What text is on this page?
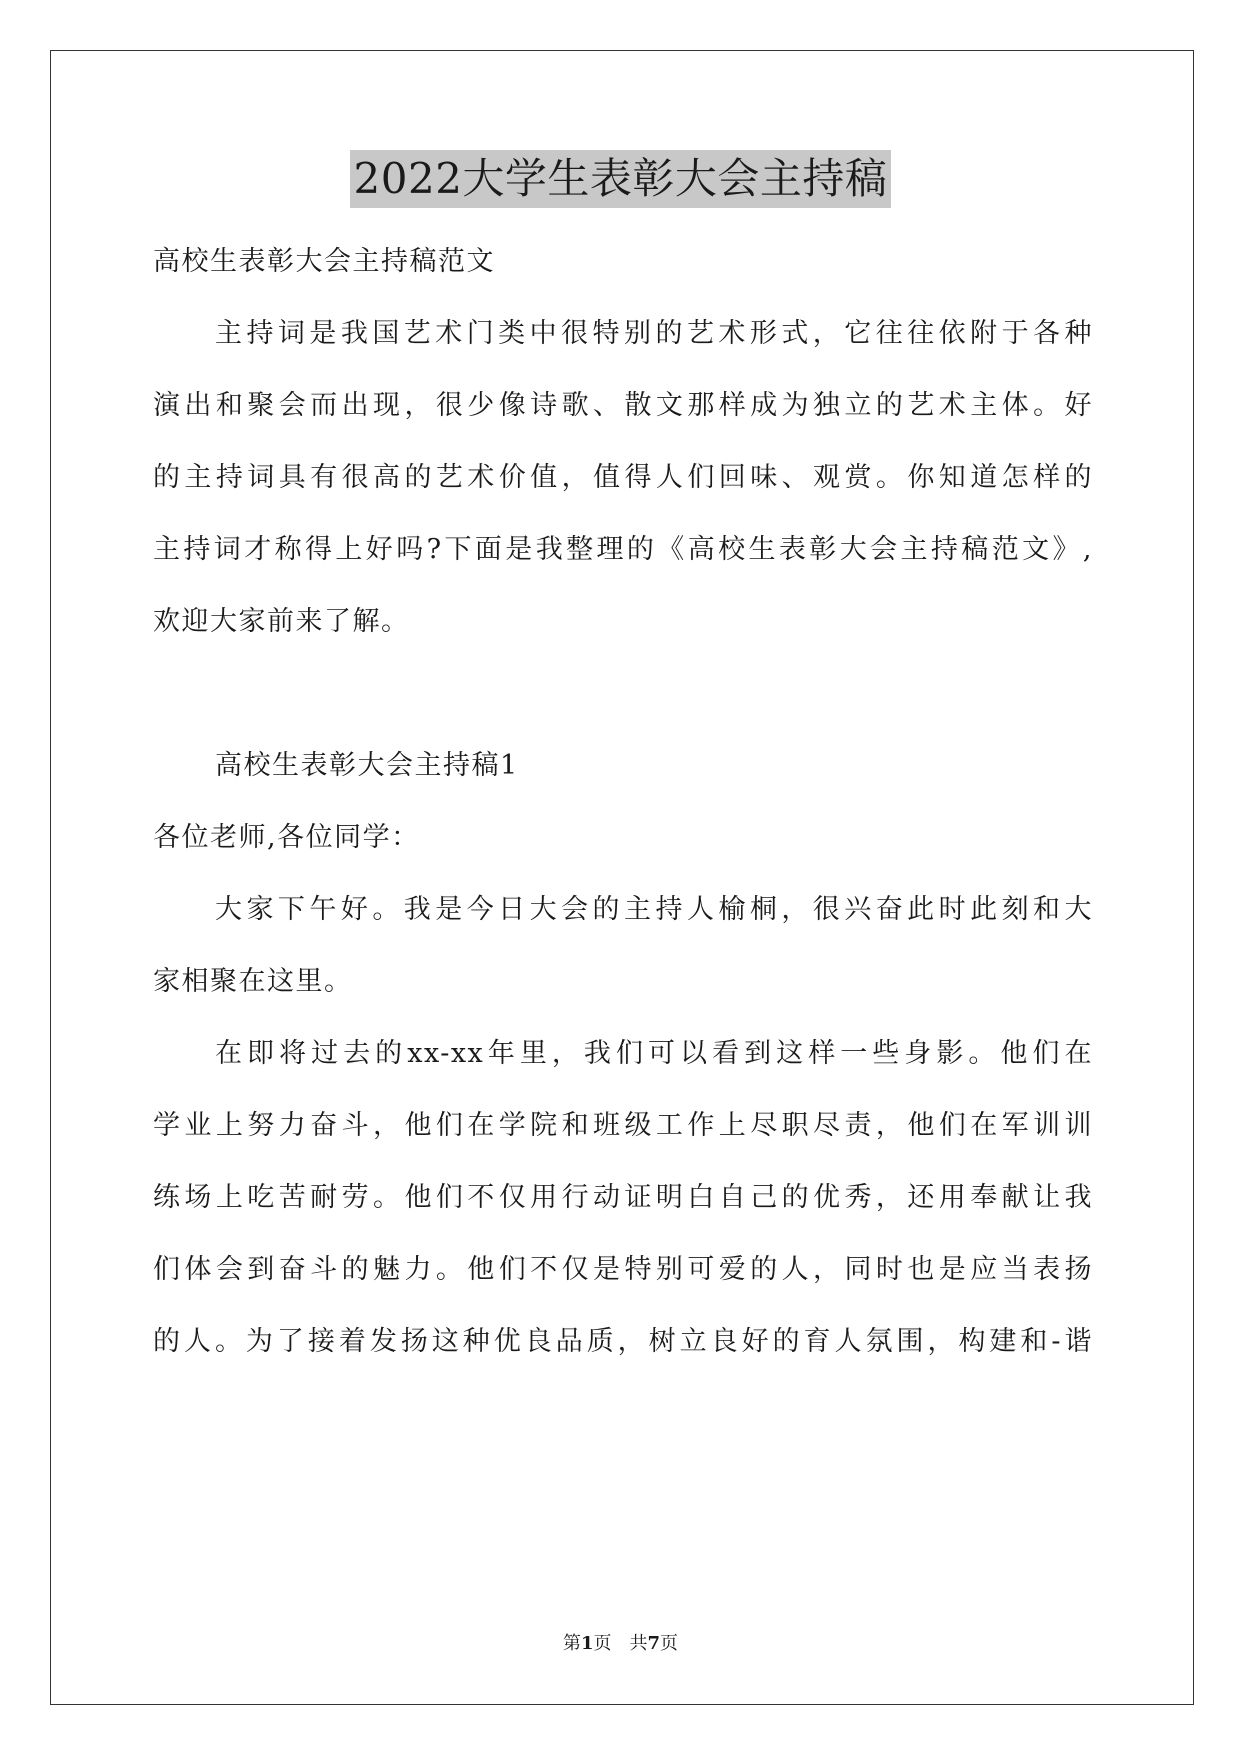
2022大学生表彰大会主持稿
高校生表彰大会主持稿范文
主持词是我国艺术门类中很特别的艺术形式，它往往依附于各种
演出和聚会而出现，很少像诗歌、散文那样成为独立的艺术主体。好
的主持词具有很高的艺术价值，值得人们回味、观赏。你知道怎样的
主持词才称得上好吗?下面是我整理的《高校生表彰大会主持稿范文》,
欢迎大家前来了解。
高校生表彰大会主持稿1
各位老师,各位同学：
大家下午好。我是今日大会的主持人榆桐，很兴奋此时此刻和大
家相聚在这里。
在即将过去的xx-xx年里，我们可以看到这样一些身影。他们在
学业上努力奋斗，他们在学院和班级工作上尽职尽责，他们在军训训
练场上吃苦耐劳。他们不仅用行动证明白自己的优秀，还用奉献让我
们体会到奋斗的魅力。他们不仅是特别可爱的人，同时也是应当表扬
的人。为了接着发扬这种优良品质，树立良好的育人氛围，构建和-谐
第1页　共7页
